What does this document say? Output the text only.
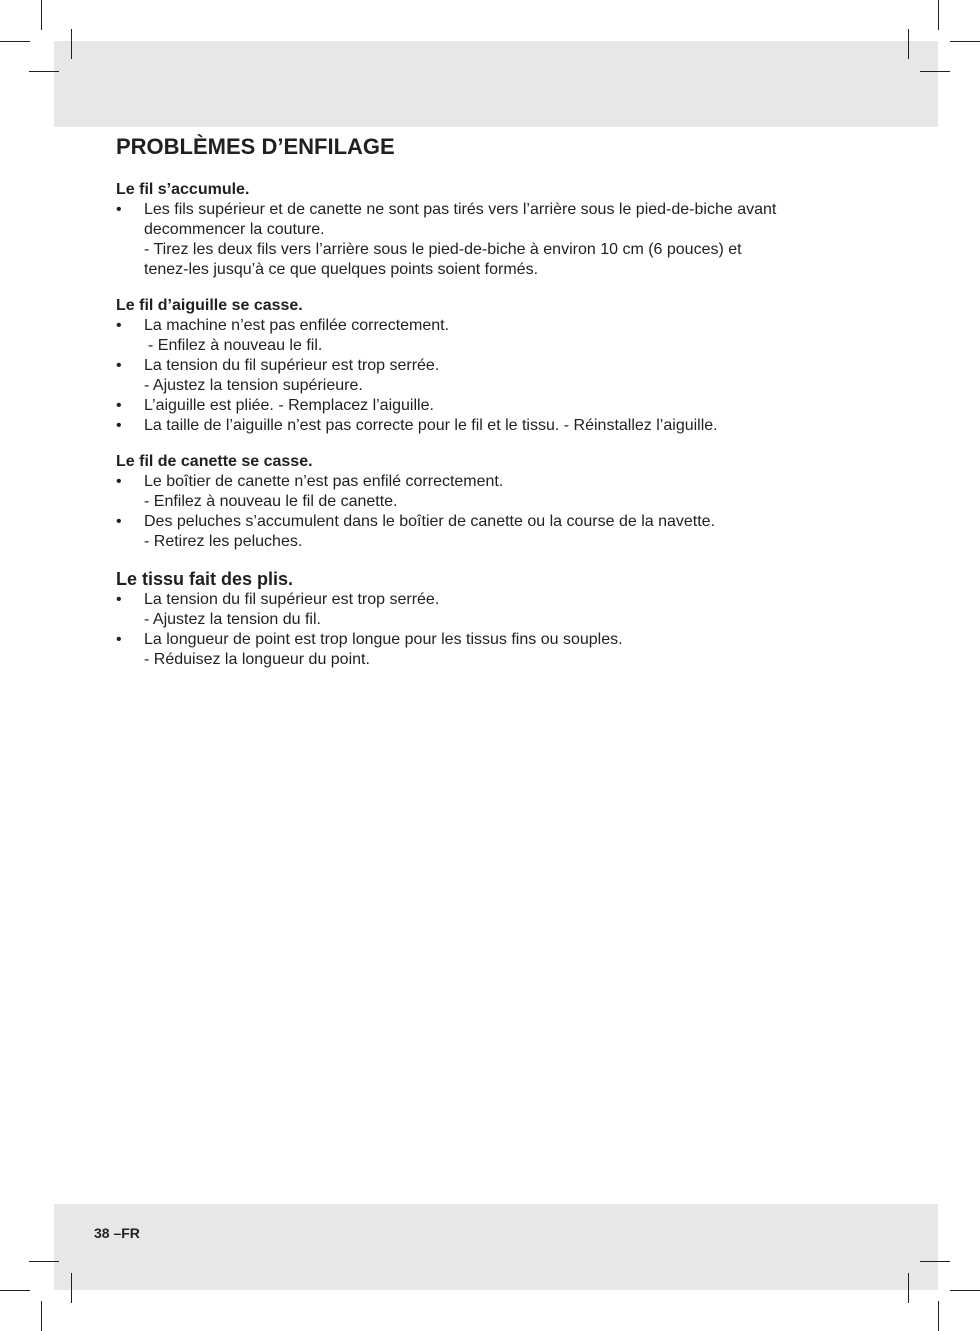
PROBLÈMES D’ENFILAGE
Le fil s’accumule.
• Les fils supérieur et de canette ne sont pas tirés vers l’arrière sous le pied-de-biche avant
decommencer la couture.
- Tirez les deux fils vers l’arrière sous le pied-de-biche à environ 10 cm (6 pouces) et
tenez-les jusqu’à ce que quelques points soient formés.
Le fil d’aiguille se casse.
• La machine n’est pas enfilée correctement.
- Enfilez à nouveau le fil.
• La tension du fil supérieur est trop serrée.
- Ajustez la tension supérieure.
• L’aiguille est pliée. - Remplacez l’aiguille.
• La taille de l’aiguille n’est pas correcte pour le fil et le tissu. - Réinstallez l’aiguille.
Le fil de canette se casse.
• Le boîtier de canette n’est pas enfilé correctement.
- Enfilez à nouveau le fil de canette.
• Des peluches s’accumulent dans le boîtier de canette ou la course de la navette.
- Retirez les peluches.
Le tissu fait des plis.
• La tension du fil supérieur est trop serrée.
- Ajustez la tension du fil.
• La longueur de point est trop longue pour les tissus fins ou souples.
- Réduisez la longueur du point.
38 –FR
